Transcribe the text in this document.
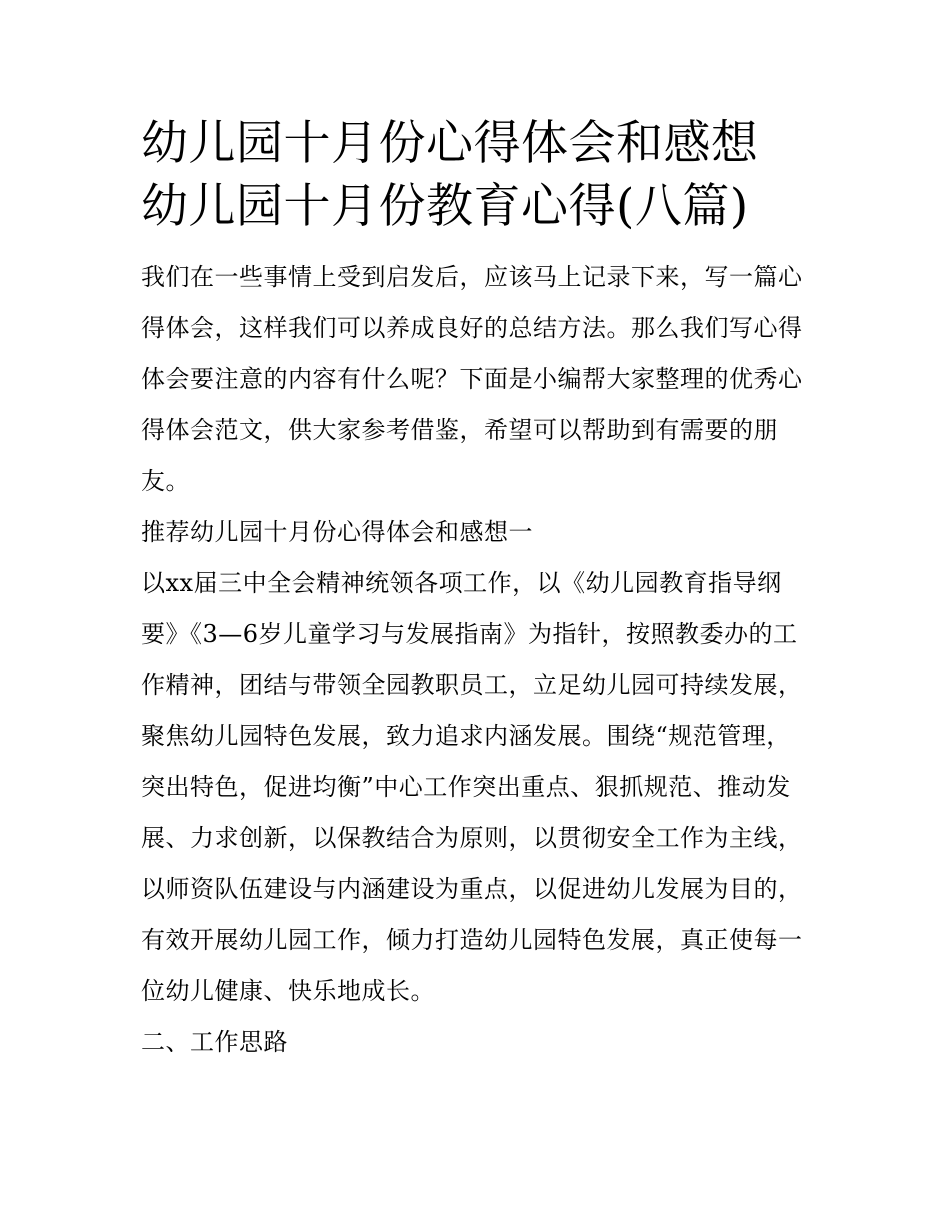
幼儿园十月份心得体会和感想
幼儿园十月份教育心得(八篇)

我们在一些事情上受到启发后，应该马上记录下来，写一篇心得体会，这样我们可以养成良好的总结方法。那么我们写心得体会要注意的内容有什么呢？下面是小编帮大家整理的优秀心得体会范文，供大家参考借鉴，希望可以帮助到有需要的朋友。

推荐幼儿园十月份心得体会和感想一

以xx届三中全会精神统领各项工作，以《幼儿园教育指导纲要》《3—6岁儿童学习与发展指南》为指针，按照教委办的工作精神，团结与带领全园教职员工，立足幼儿园可持续发展，聚焦幼儿园特色发展，致力追求内涵发展。围绕“规范管理，突出特色，促进均衡”中心工作突出重点、狠抓规范、推动发展、力求创新，以保教结合为原则，以贯彻安全工作为主线，以师资队伍建设与内涵建设为重点，以促进幼儿发展为目的，有效开展幼儿园工作，倾力打造幼儿园特色发展，真正使每一位幼儿健康、快乐地成长。

二、工作思路
